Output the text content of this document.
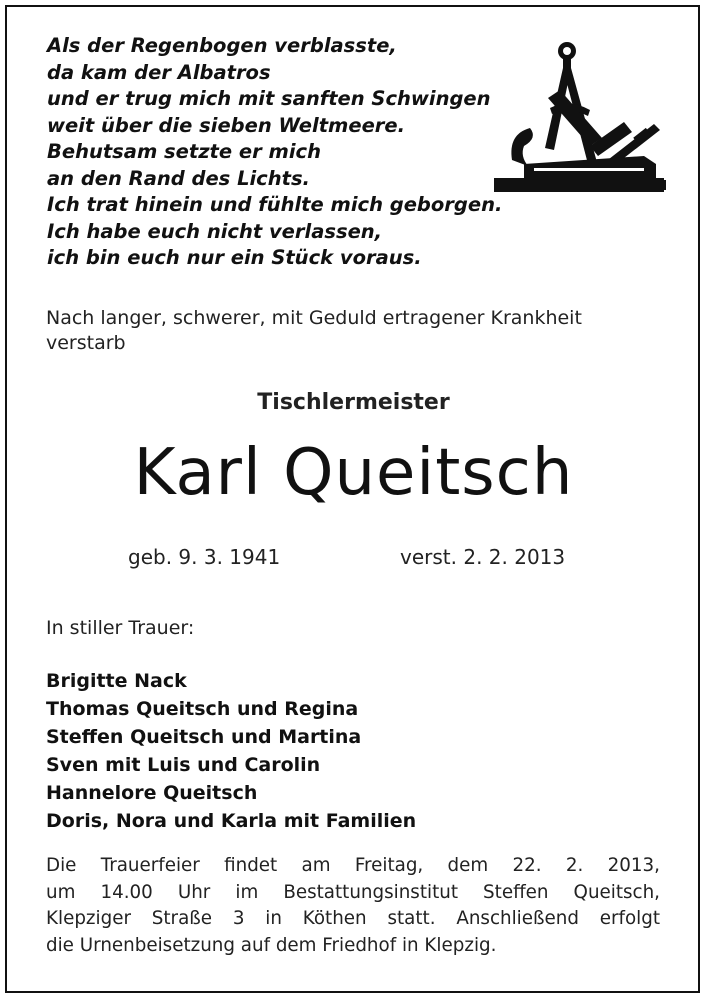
Als der Regenbogen verblasste,
da kam der Albatros
und er trug mich mit sanften Schwingen
weit über die sieben Weltmeere.
Behutsam setzte er mich
an den Rand des Lichts.
Ich trat hinein und fühlte mich geborgen.
Ich habe euch nicht verlassen,
ich bin euch nur ein Stück voraus.

Nach langer, schwerer, mit Geduld ertragener Krankheit
verstarb

Tischlermeister
Karl Queitsch
geb. 9. 3. 1941	verst. 2. 2. 2013
In stiller Trauer:
Brigitte Nack
Thomas Queitsch und Regina
Steffen Queitsch und Martina
Sven mit Luis und Carolin
Hannelore Queitsch
Doris, Nora und Karla mit Familien

Die Trauerfeier findet am Freitag, dem 22. 2. 2013,
um 14.00 Uhr im Bestattungsinstitut Steffen Queitsch,
Klepziger Straße 3 in Köthen statt. Anschließend erfolgt
die Urnenbeisetzung auf dem Friedhof in Klepzig.
